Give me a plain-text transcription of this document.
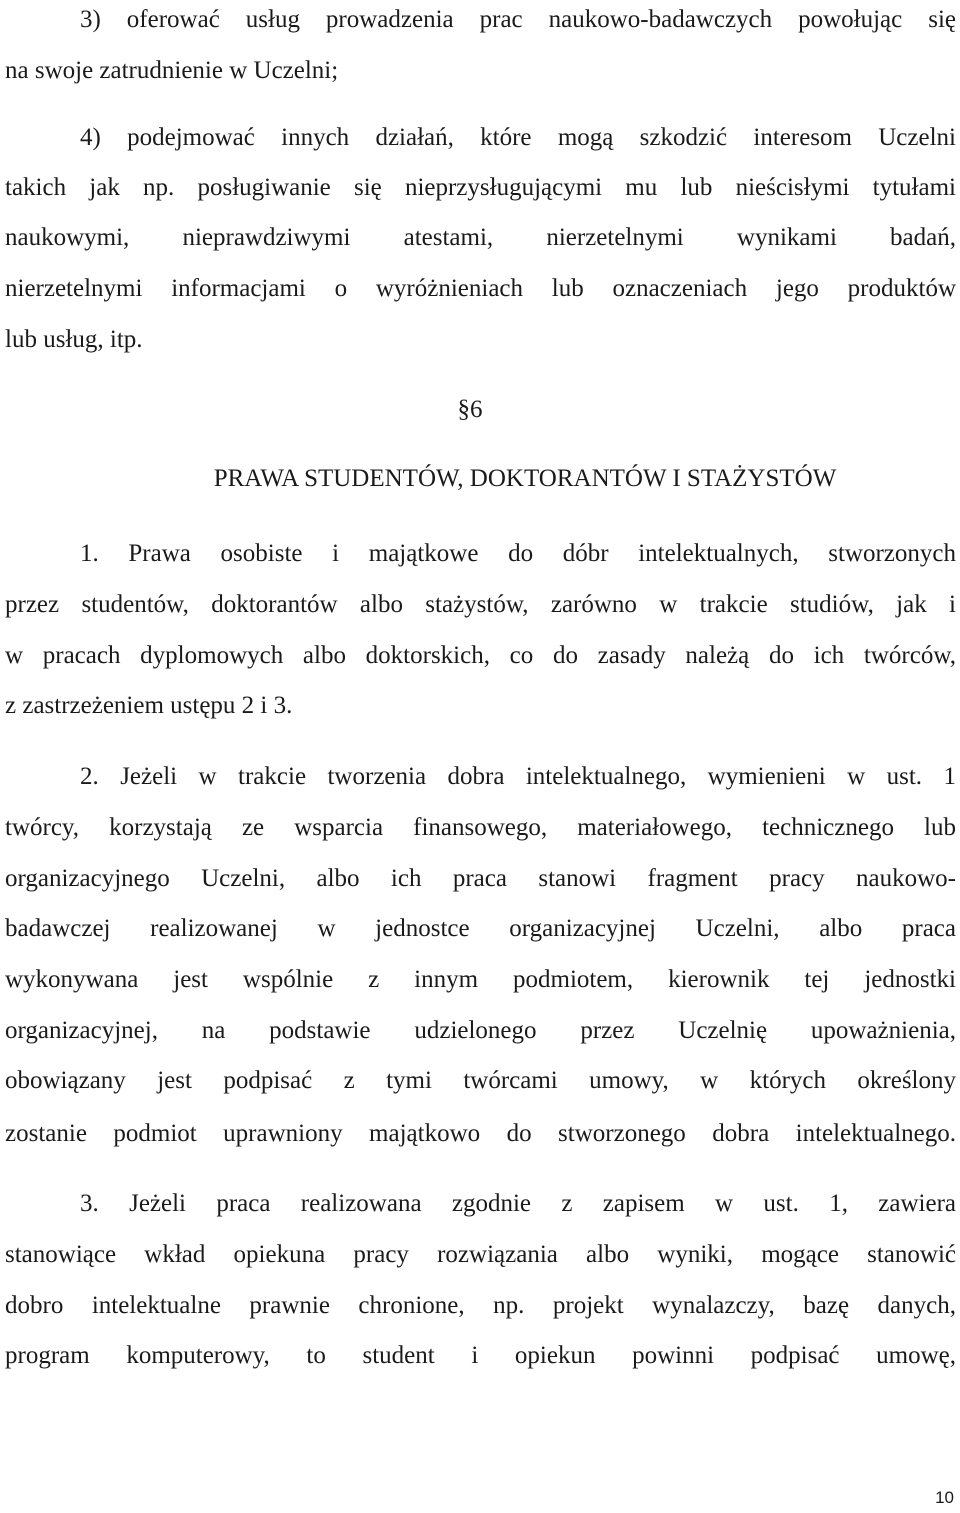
3) oferować usług prowadzenia prac naukowo-badawczych powołując się
na swoje zatrudnienie w Uczelni;
4) podejmować innych działań, które mogą szkodzić interesom Uczelni
takich jak np. posługiwanie się nieprzysługującymi mu lub nieścisłymi tytułami
naukowymi, nieprawdziwymi atestami, nierzetelnymi wynikami badań,
nierzetelnymi informacjami o wyróżnieniach lub oznaczeniach jego produktów
lub usług, itp.
§6
PRAWA STUDENTÓW, DOKTORANTÓW I STAŻYSTÓW
1. Prawa osobiste i majątkowe do dóbr intelektualnych, stworzonych
przez studentów, doktorantów albo stażystów, zarówno w trakcie studiów, jak i
w pracach dyplomowych albo doktorskich, co do zasady należą do ich twórców,
z zastrzeżeniem ustępu 2 i 3.
2. Jeżeli w trakcie tworzenia dobra intelektualnego, wymienieni w ust. 1
twórcy, korzystają ze wsparcia finansowego, materiałowego, technicznego lub
organizacyjnego Uczelni, albo ich praca stanowi fragment pracy naukowo-
badawczej realizowanej w jednostce organizacyjnej Uczelni, albo praca
wykonywana jest wspólnie z innym podmiotem, kierownik tej jednostki
organizacyjnej, na podstawie udzielonego przez Uczelnię upoważnienia,
obowiązany jest podpisać z tymi twórcami umowy, w których określony
zostanie podmiot uprawniony majątkowo do stworzonego dobra intelektualnego.
3. Jeżeli praca realizowana zgodnie z zapisem w ust. 1, zawiera
stanowiące wkład opiekuna pracy rozwiązania albo wyniki, mogące stanowić
dobro intelektualne prawnie chronione, np. projekt wynalazczy, bazę danych,
program komputerowy, to student i opiekun powinni podpisać umowę,
10
